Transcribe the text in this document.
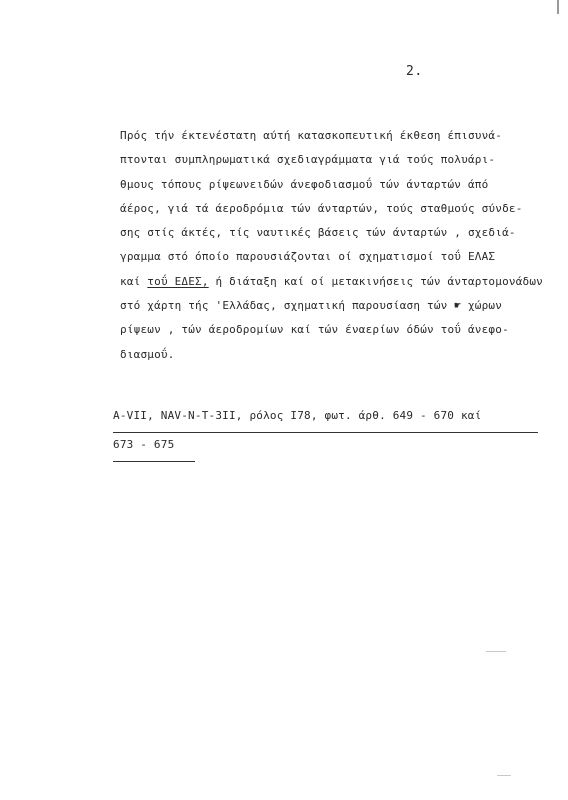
2.
Πρός τήν έκτενέστατη αύτή κατασκοπευτική έκθεση έπισυνά-
πτονται συμπληρωματικά σχεδιαγράμματα γιά τούς πολυάρι-
θμους τόπους ρίψεωνειδών άνεφοδιασμοΰ τών άνταρτών άπό
άέρος, γιά τά άεροδρόμια τών άνταρτών, τούς σταθμούς σύνδε-
σης στίς άκτές, τίς ναυτικές βάσεις τών άνταρτών , σχεδιά-
γραμμα στό όποίο παρουσιάζονται οί σχηματισμοί τοΰ ΕΛΑΣ
καί τοΰ ΕΔΕΣ, ή διάταξη καί οί μετακινήσεις τών άνταρτομονάδων
στό χάρτη τής 'Ελλάδας, σχηματική παρουσίαση τών ☛ χώρων
ρίψεων , τών άεροδρομίων καί τών έναερίων όδών τοΰ άνεφο-
διασμοΰ.
A-VII, NAV-N-T-3II, ρόλος I78, φωτ. άρθ. 649 - 670 καί
673 - 675
